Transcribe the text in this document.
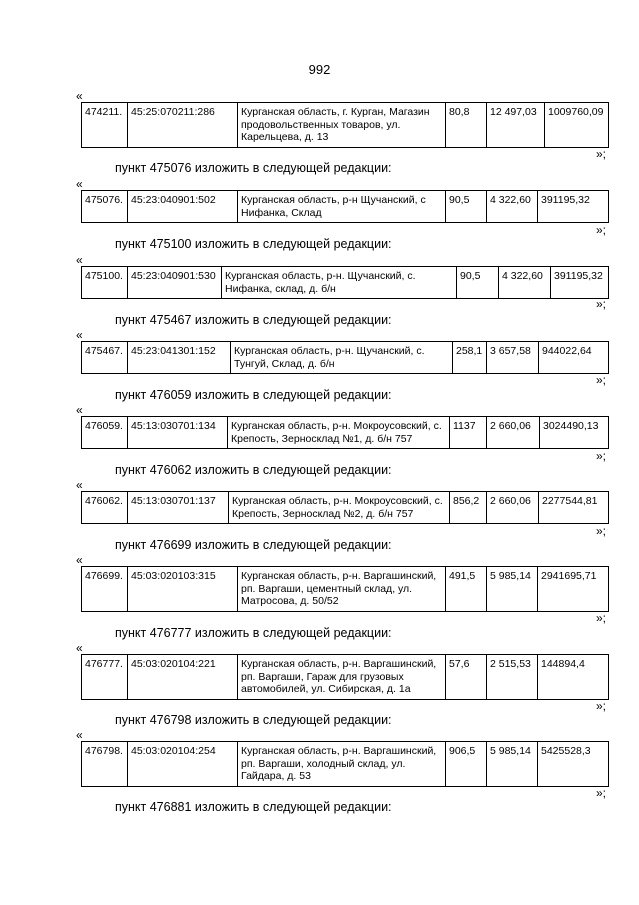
992
«
474211.	45:25:070211:286	Курганская область, г. Курган, Магазин продовольственных товаров, ул. Карельцева, д. 13	80,8	12 497,03	1009760,09
»;
пункт 475076 изложить в следующей редакции:
«
475076.	45:23:040901:502	Курганская область, р-н Щучанский, с Нифанка, Склад	90,5	4 322,60	391195,32
»;
пункт 475100 изложить в следующей редакции:
«
475100.	45:23:040901:530	Курганская область, р-н. Щучанский, с. Нифанка, склад, д. б/н	90,5	4 322,60	391195,32
»;
пункт 475467 изложить в следующей редакции:
«
475467.	45:23:041301:152	Курганская область, р-н. Щучанский, с. Тунгуй, Склад, д. б/н	258,1	3 657,58	944022,64
»;
пункт 476059 изложить в следующей редакции:
«
476059.	45:13:030701:134	Курганская область, р-н. Мокроусовский, с. Крепость, Зерносклад №1, д. б/н 757	1137	2 660,06	3024490,13
»;
пункт 476062 изложить в следующей редакции:
«
476062.	45:13:030701:137	Курганская область, р-н. Мокроусовский, с. Крепость, Зерносклад №2, д. б/н 757	856,2	2 660,06	2277544,81
»;
пункт 476699 изложить в следующей редакции:
«
476699.	45:03:020103:315	Курганская область, р-н. Варгашинский, рп. Варгаши, цементный склад, ул. Матросова, д. 50/52	491,5	5 985,14	2941695,71
»;
пункт 476777 изложить в следующей редакции:
«
476777.	45:03:020104:221	Курганская область, р-н. Варгашинский, рп. Варгаши, Гараж для грузовых автомобилей, ул. Сибирская, д. 1а	57,6	2 515,53	144894,4
»;
пункт 476798 изложить в следующей редакции:
«
476798.	45:03:020104:254	Курганская область, р-н. Варгашинский, рп. Варгаши, холодный склад, ул. Гайдара, д. 53	906,5	5 985,14	5425528,3
»;
пункт 476881 изложить в следующей редакции:
